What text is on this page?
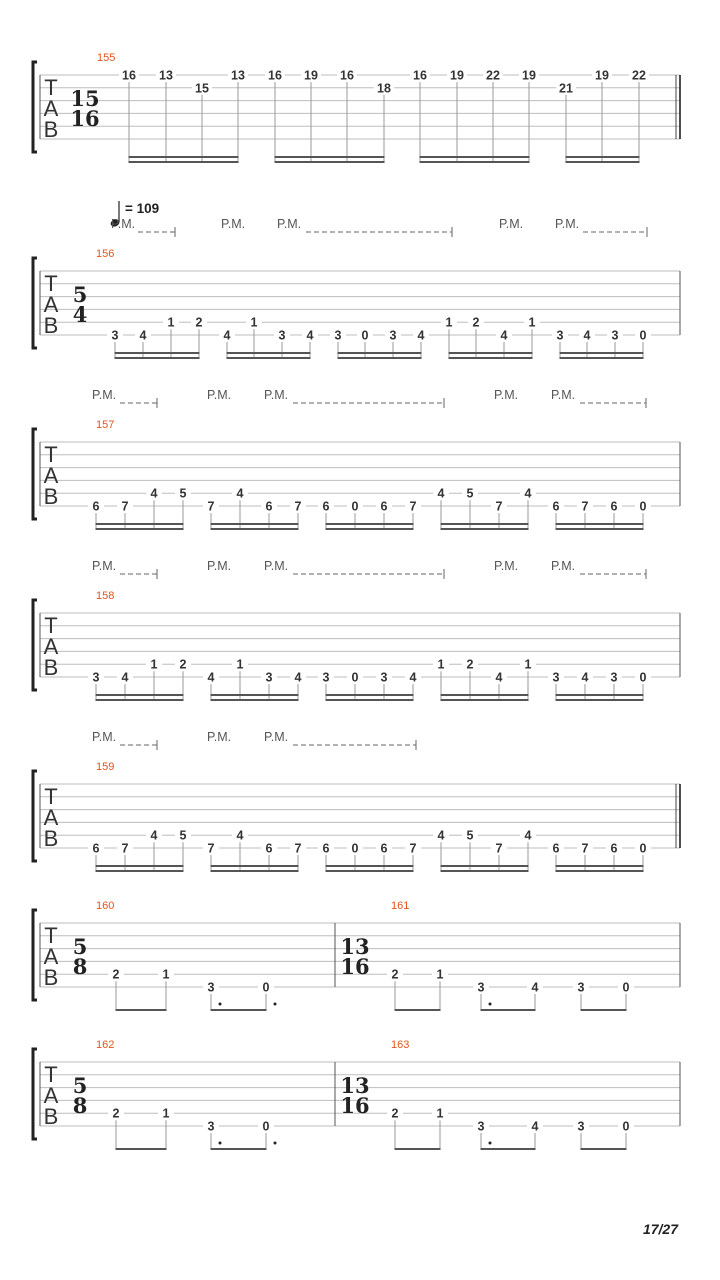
T
A
B
155
15
16
16 13
15
13 16 19 16
18
16 19 22 19
21
19 22
T
A
B
= 109
P.M.	P.M.	P.M.	P.M.	P.M.
156
5
4
3 4
1 2
4
1
3 4 3 0 3 4
1 2
4
1
3 4 3 0
T
A
B
P.M.	P.M.	P.M.	P.M.	P.M.
157
6 7
4 5
7
4
6 7 6 0 6 7
4 5
7
4
6 7 6 0
T
A
B
P.M.	P.M.	P.M.	P.M.	P.M.
158
3 4
1 2
4
1
3 4 3 0 3 4
1 2
4
1
3 4 3 0
T
A
B
P.M.	P.M.	P.M.
159
6 7
4 5
7
4
6 7 6 0 6 7
4 5
7
4
6 7 6 0
T
A
B
160
5
8 2	1
3	0
161
13
16 2	1
3	4	3	0
T
A
B
162
5
8 2	1
3	0
163
13
16 2	1
3	4	3	0
17/27
